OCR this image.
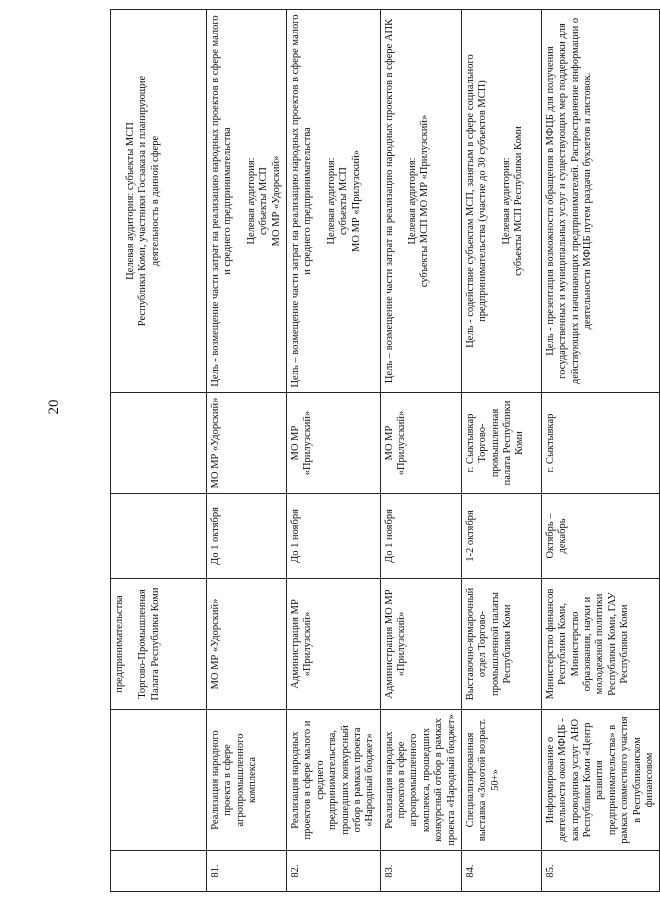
20

		предпринимательства Торгово-Промышленная Палата Республики Коми			Целевая аудитория: субъекты МСП Республики Коми, участники Госзаказа и планирующие деятельность в данной сфере

81.	Реализация народного проекта в сфере агропромышленного комплекса	МО МР «Удорский»	До 1 октября	МО МР «Удорский»	Цель - возмещение части затрат на реализацию народных проектов в сфере малого и среднего предпринимательства Целевая аудитория: субъекты МСП МО МР «Удорский»

82.	Реализация народных проектов в сфере малого и среднего предпринимательства, прошедших конкурсный отбор в рамках проекта «Народный бюджет»	Администрация МР «Прилузский»	До 1 ноября	МО МР «Прилузский»	Цель – возмещение части затрат на реализацию народных проектов в сфере малого и среднего предпринимательства Целевая аудитория: субъекты МСП МО МР «Прилузский»

83.	Реализация народных проектов в сфере агропромышленного комплекса, прошедших конкурсный отбор в рамках проекта «Народный бюджет»	Администрация МО МР «Прилузский»	До 1 ноября	МО МР «Прилузский»	Цель – возмещение части затрат на реализацию народных проектов в сфере АПК Целевая аудитория: субъекты МСП МО МР «Прилузский»

84.	Специализированная выставка «Золотой возраст. 50+»	Выставочно-ярмарочный отдел Торгово-промышленной палаты Республики Коми	1-2 октября	г. Сыктывкар Торгово-промышленная палата Республики Коми	Цель - содействие субъектам МСП, занятым в сфере социального предпринимательства (участие до 30 субъектов МСП) Целевая аудитория: субъекты МСП Республики Коми

85.	Информирование о деятельности окон МФЦБ - как проводника услуг АНО Республики Коми «Центр развития предпринимательства» в рамках совместного участия в Республиканском финансовом	Министерство финансов Республики Коми, Министерство образования, науки и молодежной политики Республики Коми, ГАУ Республики Коми	Октябрь – декабрь	г. Сыктывкар	Цель - презентация возможности обращения в МФЦБ для получения государственных и муниципальных услуг и существующих мер поддержки для действующих и начинающих предпринимателей. Распространение информации о деятельности МФЦБ путем раздачи буклетов и листовок.
